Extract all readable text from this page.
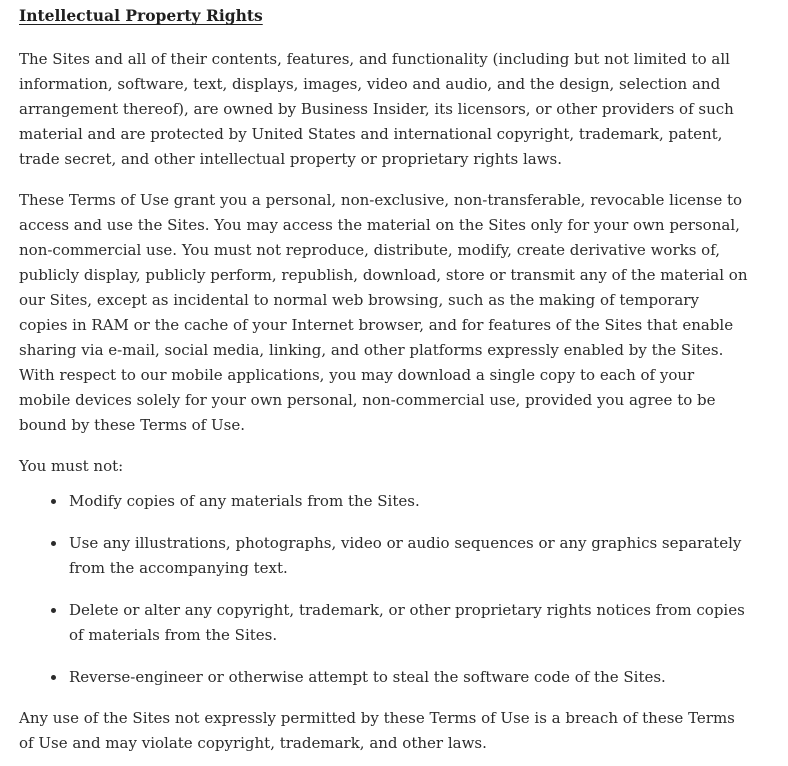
Intellectual Property Rights

The Sites and all of their contents, features, and functionality (including but not limited to all information, software, text, displays, images, video and audio, and the design, selection and arrangement thereof), are owned by Business Insider, its licensors, or other providers of such material and are protected by United States and international copyright, trademark, patent, trade secret, and other intellectual property or proprietary rights laws.

These Terms of Use grant you a personal, non-exclusive, non-transferable, revocable license to access and use the Sites. You may access the material on the Sites only for your own personal, non-commercial use. You must not reproduce, distribute, modify, create derivative works of, publicly display, publicly perform, republish, download, store or transmit any of the material on our Sites, except as incidental to normal web browsing, such as the making of temporary copies in RAM or the cache of your Internet browser, and for features of the Sites that enable sharing via e-mail, social media, linking, and other platforms expressly enabled by the Sites. With respect to our mobile applications, you may download a single copy to each of your mobile devices solely for your own personal, non-commercial use, provided you agree to be bound by these Terms of Use.

You must not:

Modify copies of any materials from the Sites.
Use any illustrations, photographs, video or audio sequences or any graphics separately from the accompanying text.
Delete or alter any copyright, trademark, or other proprietary rights notices from copies of materials from the Sites.
Reverse-engineer or otherwise attempt to steal the software code of the Sites.

Any use of the Sites not expressly permitted by these Terms of Use is a breach of these Terms of Use and may violate copyright, trademark, and other laws.
